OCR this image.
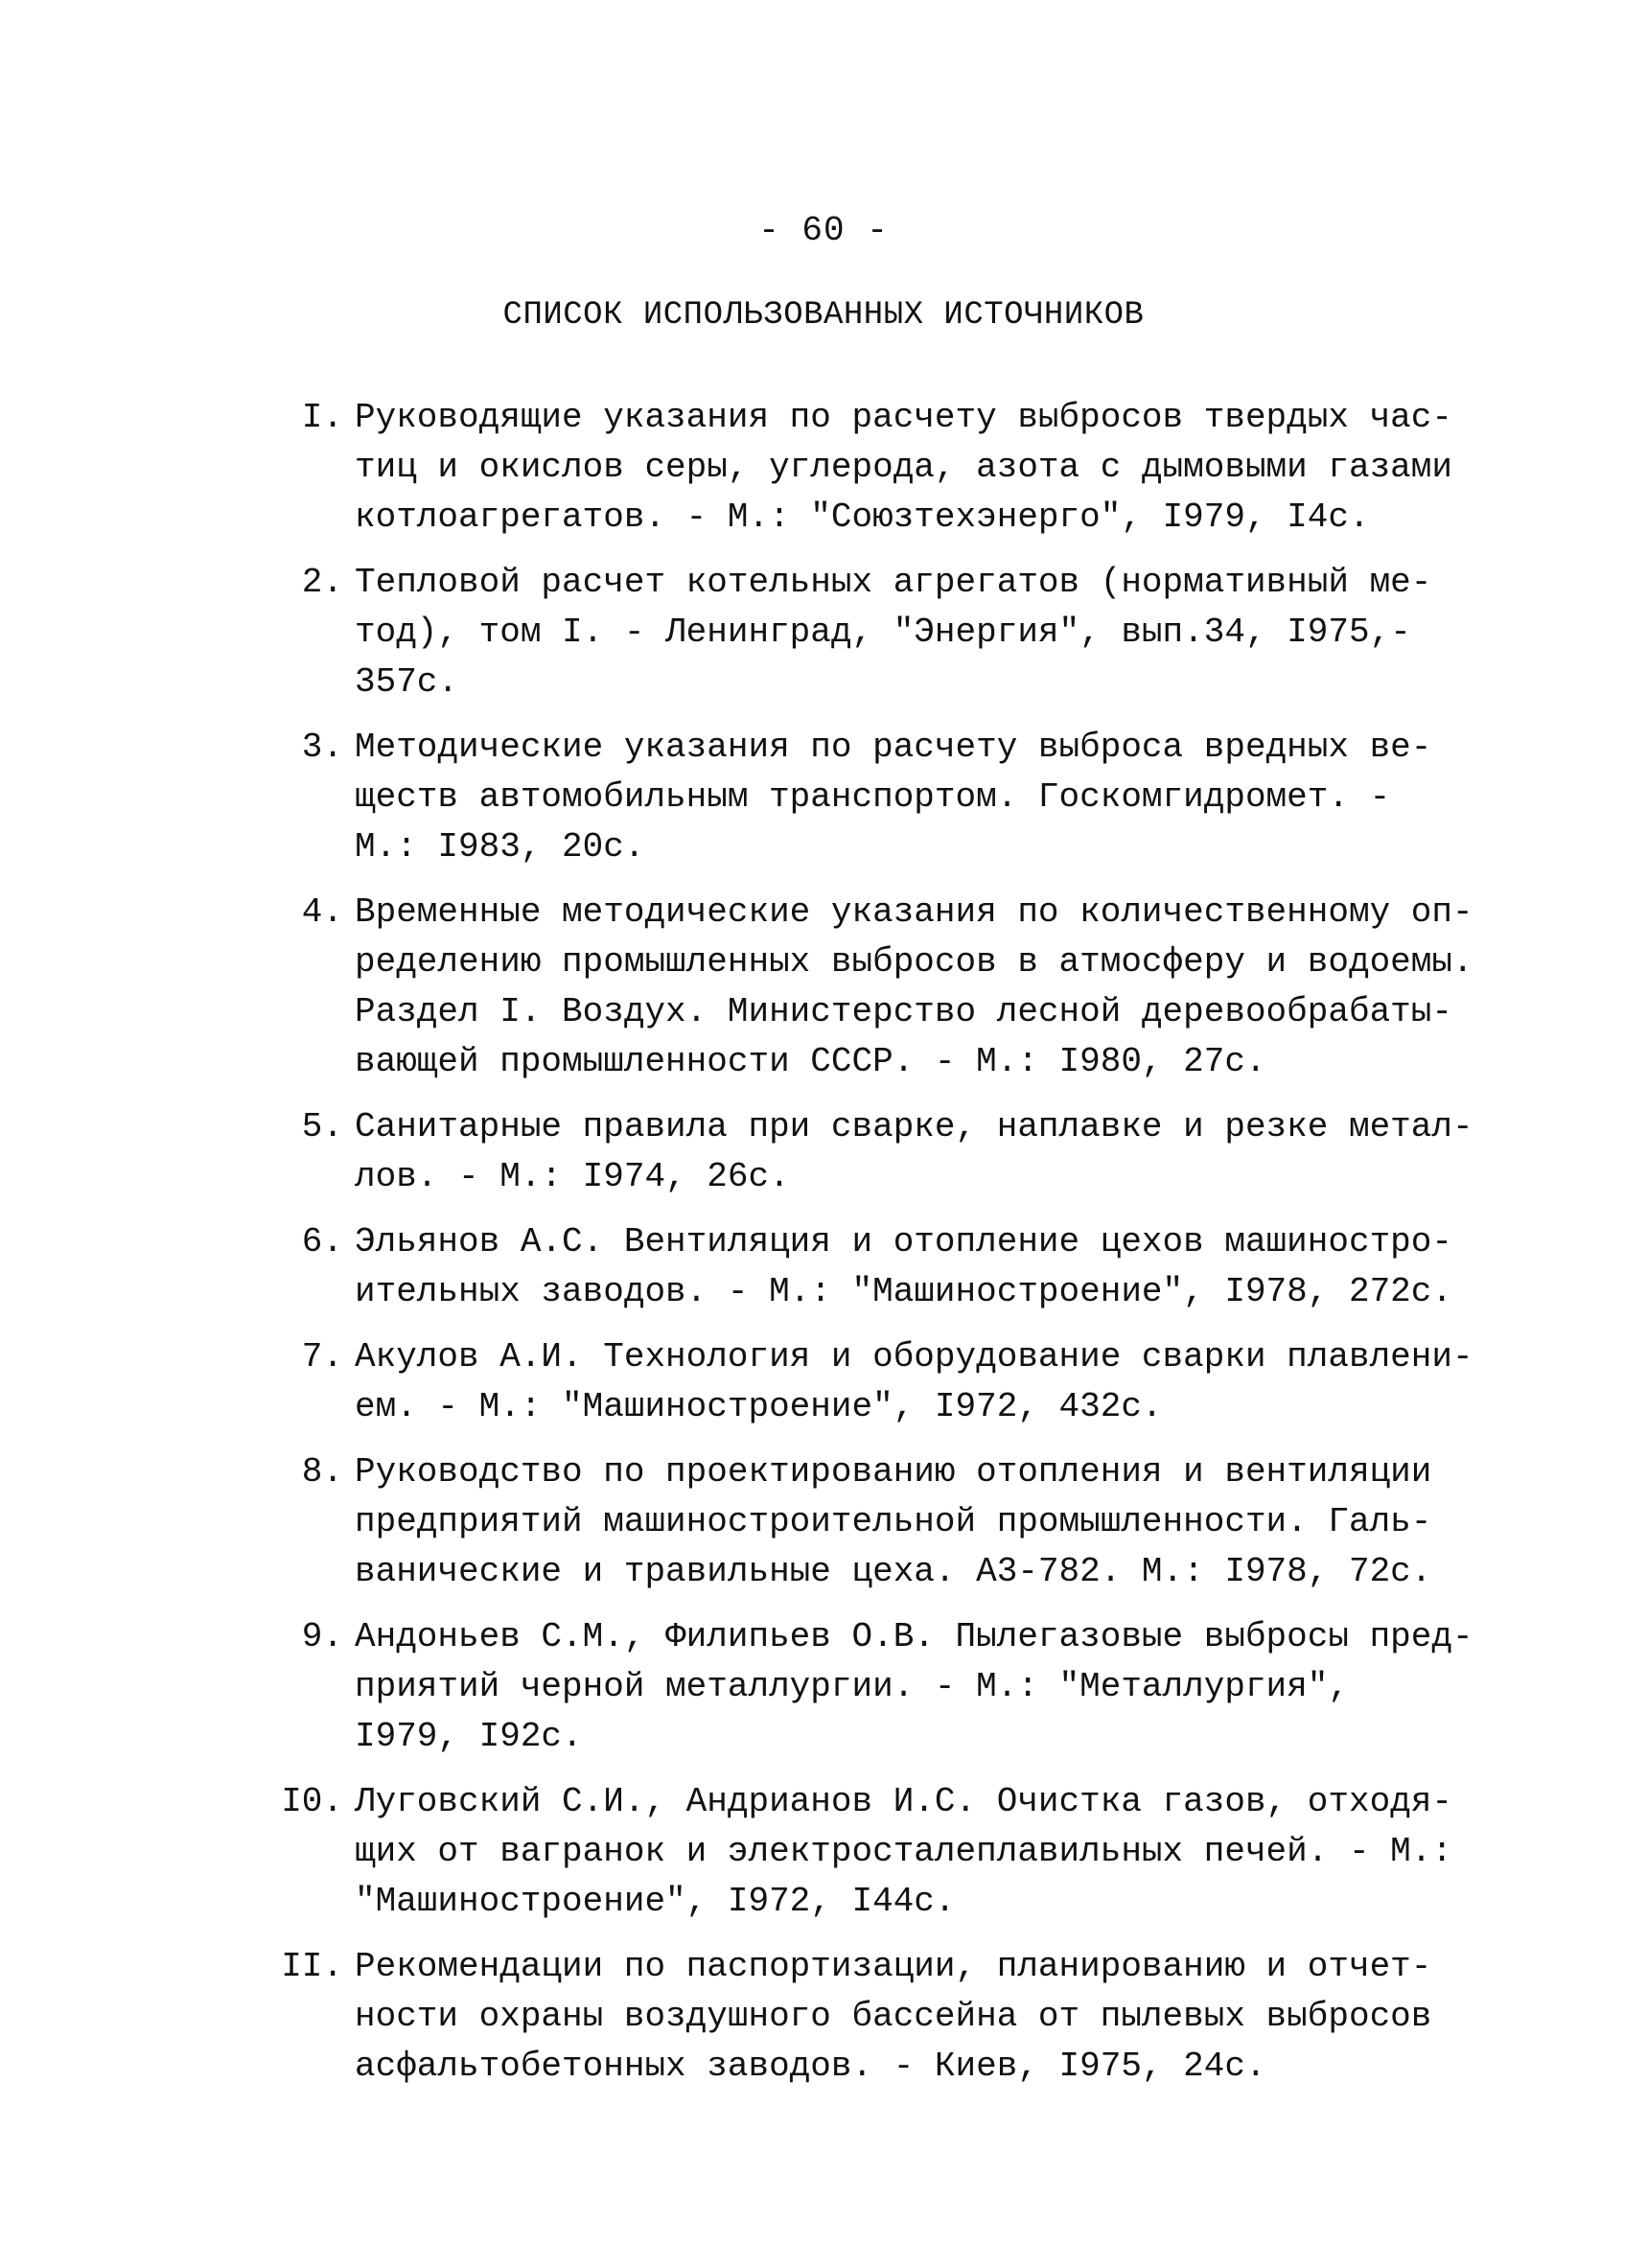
- 60 -
СПИСОК ИСПОЛЬЗОВАННЫХ ИСТОЧНИКОВ
I. Руководящие указания по расчету выбросов твердых час-
тиц и окислов серы, углерода, азота с дымовыми газами
котлоагрегатов. - М.: "Союзтехэнерго", I979, I4с.
2. Тепловой расчет котельных агрегатов (нормативный ме-
тод), том I. - Ленинград, "Энергия", вып.34, I975,-
357с.
3. Методические указания по расчету выброса вредных ве-
ществ автомобильным транспортом. Госкомгидромет. -
М.: I983, 20с.
4. Временные методические указания по количественному оп-
ределению промышленных выбросов в атмосферу и водоемы.
Раздел I. Воздух. Министерство лесной деревообрабаты-
вающей промышленности СССР. - М.: I980, 27с.
5. Санитарные правила при сварке, наплавке и резке метал-
лов. - М.: I974, 26с.
6. Эльянов А.С. Вентиляция и отопление цехов машиностро-
ительных заводов. - М.: "Машиностроение", I978, 272с.
7. Акулов А.И. Технология и оборудование сварки плавлени-
ем. - М.: "Машиностроение", I972, 432с.
8. Руководство по проектированию отопления и вентиляции
предприятий машиностроительной промышленности. Галь-
ванические и травильные цеха. А3-782. М.: I978, 72с.
9. Андоньев С.М., Филипьев О.В. Пылегазовые выбросы пред-
приятий черной металлургии. - М.: "Металлургия",
I979, I92с.
I0. Луговский С.И., Андрианов И.С. Очистка газов, отходя-
щих от вагранок и электросталеплавильных печей. - М.:
"Машиностроение", I972, I44с.
II. Рекомендации по паспортизации, планированию и отчет-
ности охраны воздушного бассейна от пылевых выбросов
асфальтобетонных заводов. - Киев, I975, 24с.
